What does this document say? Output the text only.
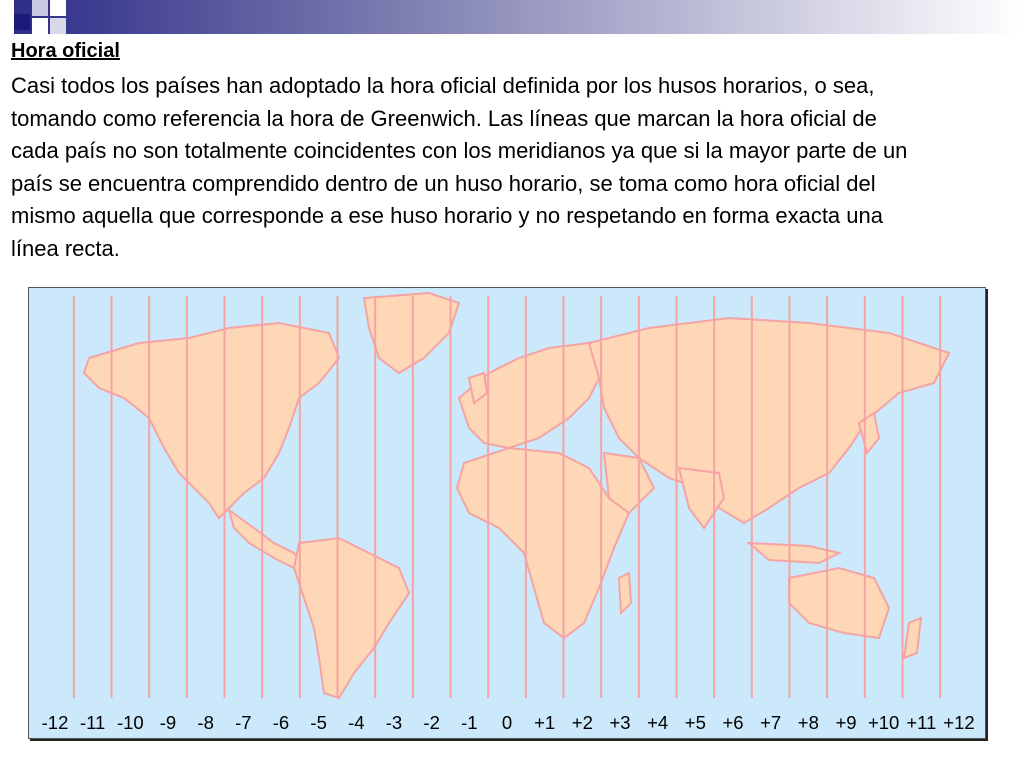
Hora oficial
Casi todos los países han adoptado la hora oficial definida por los husos horarios, o sea, tomando como referencia la hora de Greenwich. Las líneas que marcan la hora oficial de cada país no son totalmente coincidentes con los meridianos ya que si la mayor parte de un país se encuentra comprendido dentro de un huso horario, se toma como hora oficial del mismo aquella que corresponde a ese huso horario y no respetando en forma exacta una línea recta.
-12 -11 -10 -9	-8	-7	-6	-5	-4	-3	-2	-1	0	+1 +2 +3 +4 +5 +6 +7 +8 +9 +10 +11 +12
